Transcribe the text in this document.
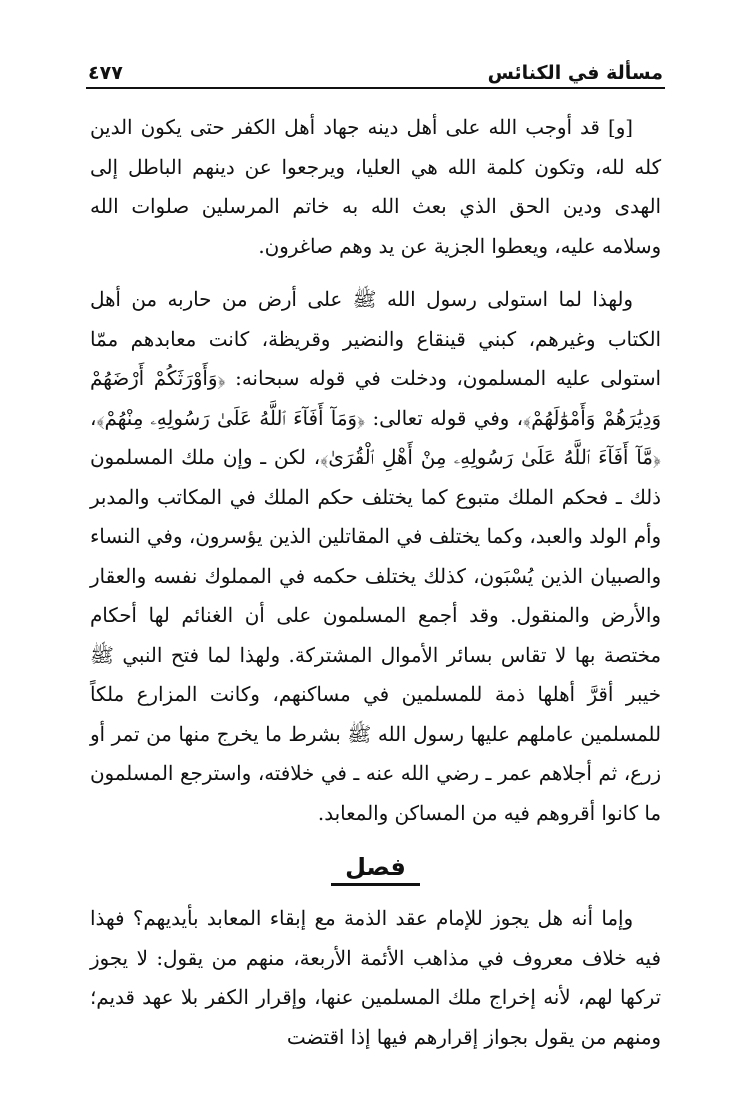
٤٧٧	مسألة في الكنائس

[و] قد أوجب الله على أهل دينه جهاد أهل الكفر حتى يكون الدين كله لله، وتكون كلمة الله هي العليا، ويرجعوا عن دينهم الباطل إلى الهدى ودين الحق الذي بعث الله به خاتم المرسلين صلوات الله وسلامه عليه، ويعطوا الجزية عن يد وهم صاغرون.

ولهذا لما استولى رسول الله ﷺ على أرض من حاربه من أهل الكتاب وغيرهم، كبني قينقاع والنضير وقريظة، كانت معابدهم ممّا استولى عليه المسلمون، ودخلت في قوله سبحانه: ﴿وَأَوْرَثَكُمْ أَرْضَهُمْ وَدِيَٰرَهُمْ وَأَمْوَٰلَهُمْ﴾، وفي قوله تعالى: ﴿وَمَآ أَفَآءَ ٱللَّهُ عَلَىٰ رَسُولِهِۦ مِنْهُمْ﴾، ﴿مَّآ أَفَآءَ ٱللَّهُ عَلَىٰ رَسُولِهِۦ مِنْ أَهْلِ ٱلْقُرَىٰ﴾، لكن ـ وإن ملك المسلمون ذلك ـ فحكم الملك متبوع كما يختلف حكم الملك في المكاتب والمدبر وأم الولد والعبد، وكما يختلف في المقاتلين الذين يؤسرون، وفي النساء والصبيان الذين يُسْبَون، كذلك يختلف حكمه في المملوك نفسه والعقار والأرض والمنقول. وقد أجمع المسلمون على أن الغنائم لها أحكام مختصة بها لا تقاس بسائر الأموال المشتركة. ولهذا لما فتح النبي ﷺ خيبر أقرَّ أهلها ذمة للمسلمين في مساكنهم، وكانت المزارع ملكاً للمسلمين عاملهم عليها رسول الله ﷺ بشرط ما يخرج منها من تمر أو زرع، ثم أجلاهم عمر ـ رضي الله عنه ـ في خلافته، واسترجع المسلمون ما كانوا أقروهم فيه من المساكن والمعابد.

فصل

وإما أنه هل يجوز للإمام عقد الذمة مع إبقاء المعابد بأيديهم؟ فهذا فيه خلاف معروف في مذاهب الأئمة الأربعة، منهم من يقول: لا يجوز تركها لهم، لأنه إخراج ملك المسلمين عنها، وإقرار الكفر بلا عهد قديم؛ ومنهم من يقول بجواز إقرارهم فيها إذا اقتضت
